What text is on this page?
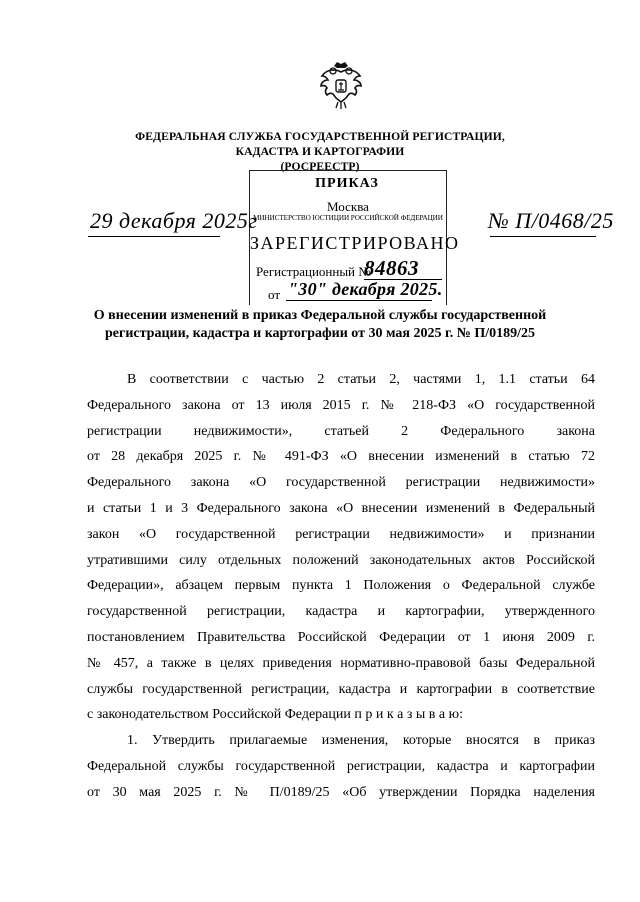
ФЕДЕРАЛЬНАЯ СЛУЖБА ГОСУДАРСТВЕННОЙ РЕГИСТРАЦИИ,
КАДАСТРА И КАРТОГРАФИИ
(РОСРЕЕСТР)
ПРИКАЗ
Москва
МИНИСТЕРСТВО ЮСТИЦИИ РОССИЙСКОЙ ФЕДЕРАЦИИ
ЗАРЕГИСТРИРОВАНО
Регистрационный №
84863
от "30" декабря 2025.
29 декабря 2025г	№ П/0468/25
О внесении изменений в приказ Федеральной службы государственной
регистрации, кадастра и картографии от 30 мая 2025 г. № П/0189/25
В соответствии с частью 2 статьи 2, частями 1, 1.1 статьи 64
Федерального закона от 13 июля 2015 г. № 218-ФЗ «О государственной
регистрации недвижимости», статьей 2 Федерального закона
от 28 декабря 2025 г. № 491-ФЗ «О внесении изменений в статью 72
Федерального закона «О государственной регистрации недвижимости»
и статьи 1 и 3 Федерального закона «О внесении изменений в Федеральный
закон «О государственной регистрации недвижимости» и признании
утратившими силу отдельных положений законодательных актов Российской
Федерации», абзацем первым пункта 1 Положения о Федеральной службе
государственной регистрации, кадастра и картографии, утвержденного
постановлением Правительства Российской Федерации от 1 июня 2009 г.
№ 457, а также в целях приведения нормативно-правовой базы Федеральной
службы государственной регистрации, кадастра и картографии в соответствие
с законодательством Российской Федерации п р и к а з ы в а ю:
1. Утвердить прилагаемые изменения, которые вносятся в приказ
Федеральной службы государственной регистрации, кадастра и картографии
от 30 мая 2025 г. № П/0189/25 «Об утверждении Порядка наделения
